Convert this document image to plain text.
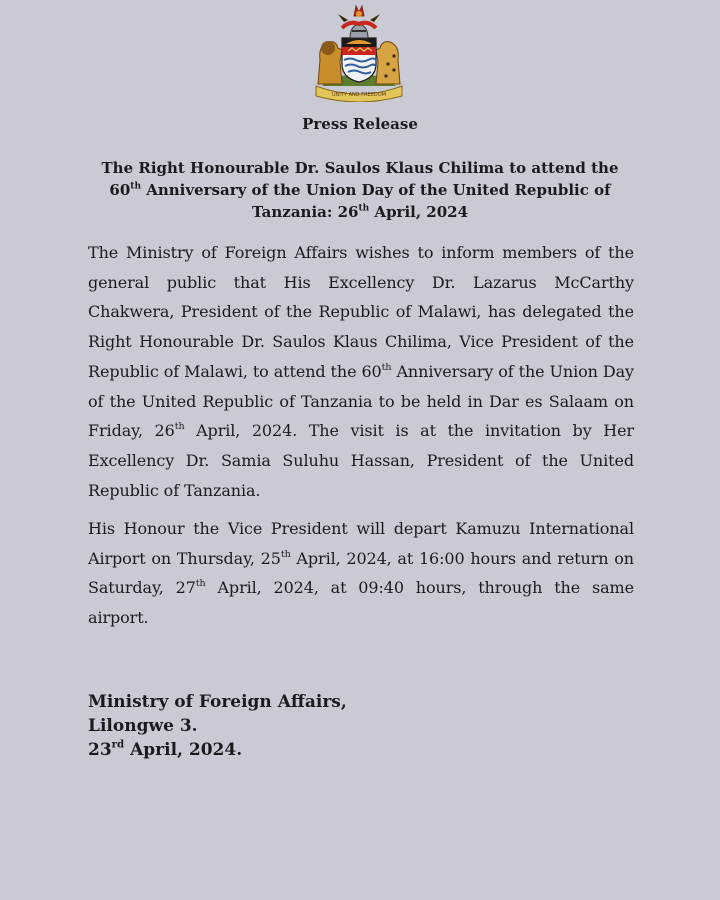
UNITY AND FREEDOM
Press Release
The Right Honourable Dr. Saulos Klaus Chilima to attend the
60th Anniversary of the Union Day of the United Republic of
Tanzania: 26th April, 2024

The Ministry of Foreign Affairs wishes to inform members of the general public that His Excellency Dr. Lazarus McCarthy Chakwera, President of the Republic of Malawi, has delegated the Right Honourable Dr. Saulos Klaus Chilima, Vice President of the Republic of Malawi, to attend the 60th Anniversary of the Union Day of the United Republic of Tanzania to be held in Dar es Salaam on Friday, 26th April, 2024. The visit is at the invitation by Her Excellency Dr. Samia Suluhu Hassan, President of the United Republic of Tanzania.

His Honour the Vice President will depart Kamuzu International Airport on Thursday, 25th April, 2024, at 16:00 hours and return on Saturday, 27th April, 2024, at 09:40 hours, through the same airport.

Ministry of Foreign Affairs,
Lilongwe 3.
23rd April, 2024.
